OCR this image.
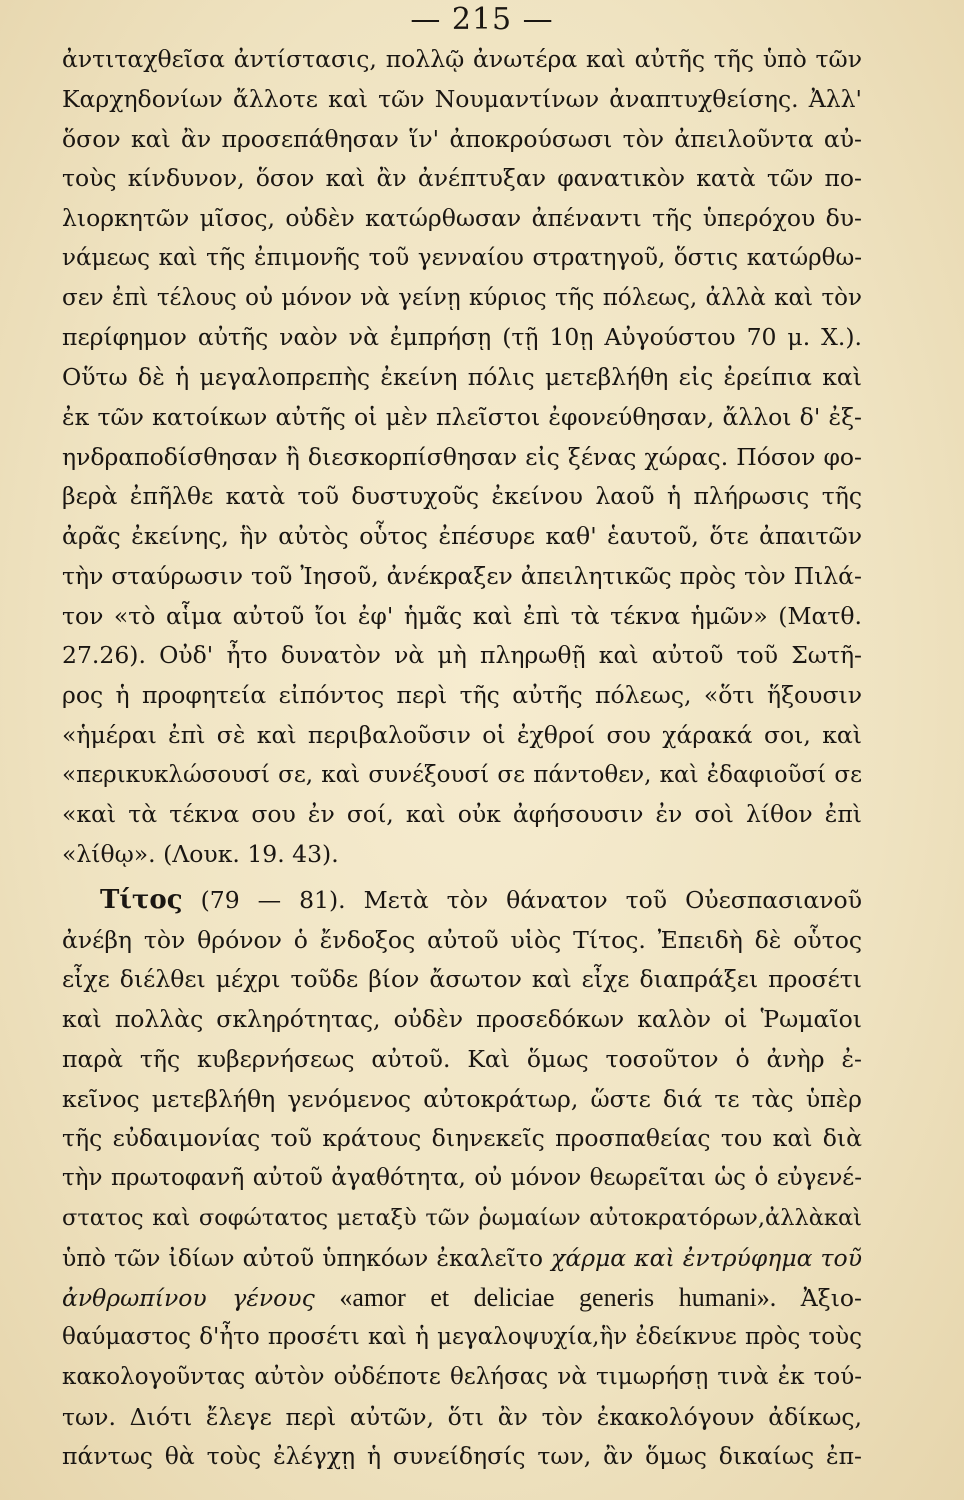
— 215 —
ἀντιταχθεῖσα ἀντίστασις, πολλῷ ἀνωτέρα καὶ αὐτῆς τῆς ὑπὸ τῶν
Καρχηδονίων ἄλλοτε καὶ τῶν Νουμαντίνων ἀναπτυχθείσης. Ἀλλ'
ὅσον καὶ ἂν προσεπάθησαν ἵν' ἀποκρούσωσι τὸν ἀπειλοῦντα αὐ-
τοὺς κίνδυνον, ὅσον καὶ ἂν ἀνέπτυξαν φανατικὸν κατὰ τῶν πο-
λιορκητῶν μῖσος, οὐδὲν κατώρθωσαν ἀπέναντι τῆς ὑπερόχου δυ-
νάμεως καὶ τῆς ἐπιμονῆς τοῦ γενναίου στρατηγοῦ, ὅστις κατώρθω-
σεν ἐπὶ τέλους οὐ μόνον νὰ γείνῃ κύριος τῆς πόλεως, ἀλλὰ καὶ τὸν
περίφημον αὐτῆς ναὸν νὰ ἐμπρήσῃ (τῇ 10ῃ Αὐγούστου 70 μ. Χ.).
Οὕτω δὲ ἡ μεγαλοπρεπὴς ἐκείνη πόλις μετεβλήθη εἰς ἐρείπια καὶ
ἐκ τῶν κατοίκων αὐτῆς οἱ μὲν πλεῖστοι ἐφονεύθησαν, ἄλλοι δ' ἐξ-
ηνδραποδίσθησαν ἢ διεσκορπίσθησαν εἰς ξένας χώρας. Πόσον φο-
βερὰ ἐπῆλθε κατὰ τοῦ δυστυχοῦς ἐκείνου λαοῦ ἡ πλήρωσις τῆς
ἀρᾶς ἐκείνης, ἣν αὐτὸς οὗτος ἐπέσυρε καθ' ἑαυτοῦ, ὅτε ἀπαιτῶν
τὴν σταύρωσιν τοῦ Ἰησοῦ, ἀνέκραξεν ἀπειλητικῶς πρὸς τὸν Πιλά-
τον «τὸ αἷμα αὐτοῦ ἴοι ἐφ' ἡμᾶς καὶ ἐπὶ τὰ τέκνα ἡμῶν» (Ματθ.
27.26). Οὐδ' ἦτο δυνατὸν νὰ μὴ πληρωθῇ καὶ αὐτοῦ τοῦ Σωτῆ-
ρος ἡ προφητεία εἰπόντος περὶ τῆς αὐτῆς πόλεως, «ὅτι ἥξουσιν
«ἡμέραι ἐπὶ σὲ καὶ περιβαλοῦσιν οἱ ἐχθροί σου χάρακά σοι, καὶ
«περικυκλώσουσί σε, καὶ συνέξουσί σε πάντοθεν, καὶ ἐδαφιοῦσί σε
«καὶ τὰ τέκνα σου ἐν σοί, καὶ οὐκ ἀφήσουσιν ἐν σοὶ λίθον ἐπὶ
«λίθῳ». (Λουκ. 19. 43).
Τίτος (79 — 81). Μετὰ τὸν θάνατον τοῦ Οὐεσπασιανοῦ
ἀνέβη τὸν θρόνον ὁ ἔνδοξος αὐτοῦ υἱὸς Τίτος. Ἐπειδὴ δὲ οὗτος
εἶχε διέλθει μέχρι τοῦδε βίον ἄσωτον καὶ εἶχε διαπράξει προσέτι
καὶ πολλὰς σκληρότητας, οὐδὲν προσεδόκων καλὸν οἱ Ῥωμαῖοι
παρὰ τῆς κυβερνήσεως αὐτοῦ. Καὶ ὅμως τοσοῦτον ὁ ἀνὴρ ἐ-
κεῖνος μετεβλήθη γενόμενος αὐτοκράτωρ, ὥστε διά τε τὰς ὑπὲρ
τῆς εὐδαιμονίας τοῦ κράτους διηνεκεῖς προσπαθείας του καὶ διὰ
τὴν πρωτοφανῆ αὐτοῦ ἀγαθότητα, οὐ μόνον θεωρεῖται ὡς ὁ εὐγενέ-
στατος καὶ σοφώτατος μεταξὺ τῶν ῥωμαίων αὐτοκρατόρων,ἀλλὰκαὶ
ὑπὸ τῶν ἰδίων αὐτοῦ ὑπηκόων ἐκαλεῖτο χάρμα καὶ ἐντρύφημα τοῦ
ἀνθρωπίνου γένους «amor et deliciae generis humani». Ἀξιο-
θαύμαστος δ'ἦτο προσέτι καὶ ἡ μεγαλοψυχία,ἣν ἐδείκνυε πρὸς τοὺς
κακολογοῦντας αὐτὸν οὐδέποτε θελήσας νὰ τιμωρήσῃ τινὰ ἐκ τού-
των. Διότι ἔλεγε περὶ αὐτῶν, ὅτι ἂν τὸν ἐκακολόγουν ἀδίκως,
πάντως θὰ τοὺς ἐλέγχῃ ἡ συνείδησίς των, ἂν ὅμως δικαίως ἐπ-
